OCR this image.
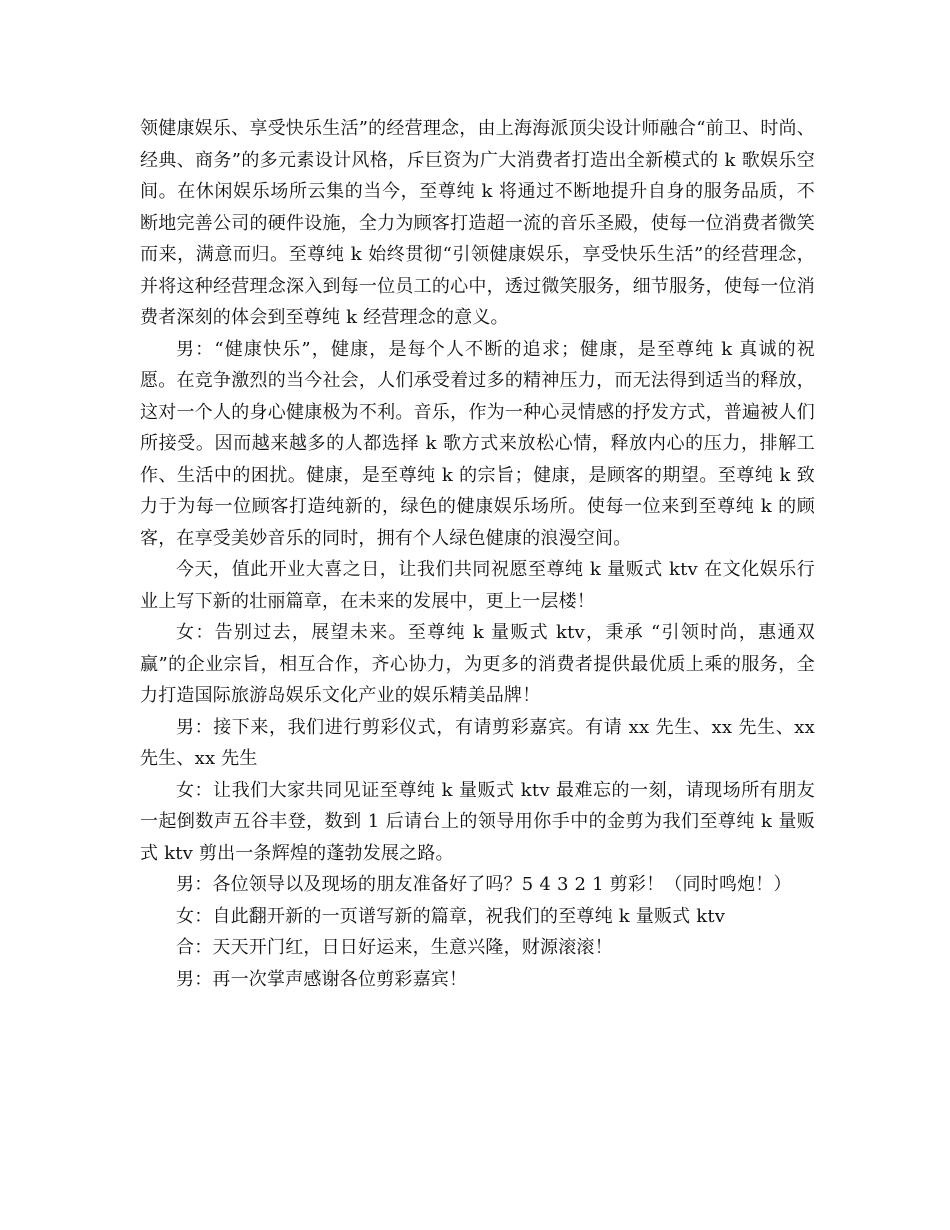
领健康娱乐、享受快乐生活”的经营理念，由上海海派顶尖设计师融合“前卫、时尚、经典、商务”的多元素设计风格，斥巨资为广大消费者打造出全新模式的 k 歌娱乐空间。在休闲娱乐场所云集的当今，至尊纯 k 将通过不断地提升自身的服务品质，不断地完善公司的硬件设施，全力为顾客打造超一流的音乐圣殿，使每一位消费者微笑而来，满意而归。至尊纯 k 始终贯彻“引领健康娱乐，享受快乐生活”的经营理念，并将这种经营理念深入到每一位员工的心中，透过微笑服务，细节服务，使每一位消费者深刻的体会到至尊纯 k 经营理念的意义。

男：“健康快乐”，健康，是每个人不断的追求；健康，是至尊纯 k 真诚的祝愿。在竞争激烈的当今社会，人们承受着过多的精神压力，而无法得到适当的释放，这对一个人的身心健康极为不利。音乐，作为一种心灵情感的抒发方式，普遍被人们所接受。因而越来越多的人都选择 k 歌方式来放松心情，释放内心的压力，排解工作、生活中的困扰。健康，是至尊纯 k 的宗旨；健康，是顾客的期望。至尊纯 k 致力于为每一位顾客打造纯新的，绿色的健康娱乐场所。使每一位来到至尊纯 k 的顾客，在享受美妙音乐的同时，拥有个人绿色健康的浪漫空间。

今天，值此开业大喜之日，让我们共同祝愿至尊纯 k 量贩式 ktv 在文化娱乐行业上写下新的壮丽篇章，在未来的发展中，更上一层楼！

女：告别过去，展望未来。至尊纯 k 量贩式 ktv，秉承 “引领时尚，惠通双赢”的企业宗旨，相互合作，齐心协力，为更多的消费者提供最优质上乘的服务，全力打造国际旅游岛娱乐文化产业的娱乐精美品牌！

男：接下来，我们进行剪彩仪式，有请剪彩嘉宾。有请 xx 先生、xx 先生、xx 先生、xx 先生

女：让我们大家共同见证至尊纯 k 量贩式 ktv 最难忘的一刻，请现场所有朋友一起倒数声五谷丰登，数到 1 后请台上的领导用你手中的金剪为我们至尊纯 k 量贩式 ktv 剪出一条辉煌的蓬勃发展之路。

男：各位领导以及现场的朋友准备好了吗？5 4 3 2 1 剪彩！（同时鸣炮！）

女：自此翻开新的一页谱写新的篇章，祝我们的至尊纯 k 量贩式 ktv

合：天天开门红，日日好运来，生意兴隆，财源滚滚！

男：再一次掌声感谢各位剪彩嘉宾！
